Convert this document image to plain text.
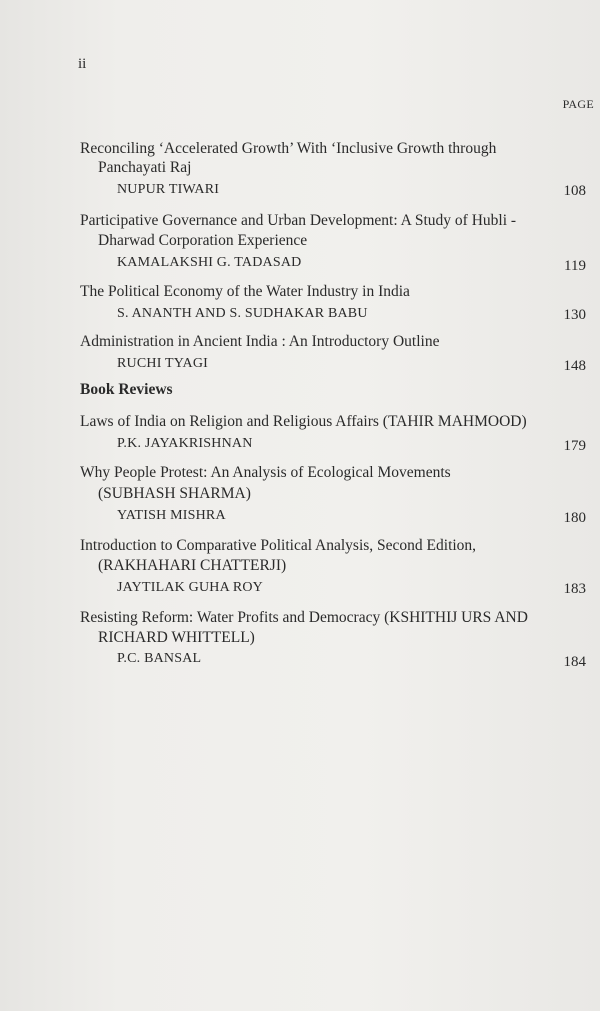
ii
PAGE
Reconciling ‘Accelerated Growth’ With ‘Inclusive Growth through
Panchayati Raj
NUPUR TIWARI	108
Participative Governance and Urban Development: A Study of Hubli -
Dharwad Corporation Experience
KAMALAKSHI G. TADASAD	119
The Political Economy of the Water Industry in India
S. ANANTH AND S. SUDHAKAR BABU	130
Administration in Ancient India : An Introductory Outline
RUCHI TYAGI	148
Book Reviews
Laws of India on Religion and Religious Affairs (TAHIR MAHMOOD)
P.K. JAYAKRISHNAN	179
Why People Protest: An Analysis of Ecological Movements
(SUBHASH SHARMA)
YATISH MISHRA	180
Introduction to Comparative Political Analysis, Second Edition,
(RAKHAHARI CHATTERJI)
JAYTILAK GUHA ROY	183
Resisting Reform: Water Profits and Democracy (KSHITHIJ URS AND
RICHARD WHITTELL)
P.C. BANSAL	184
